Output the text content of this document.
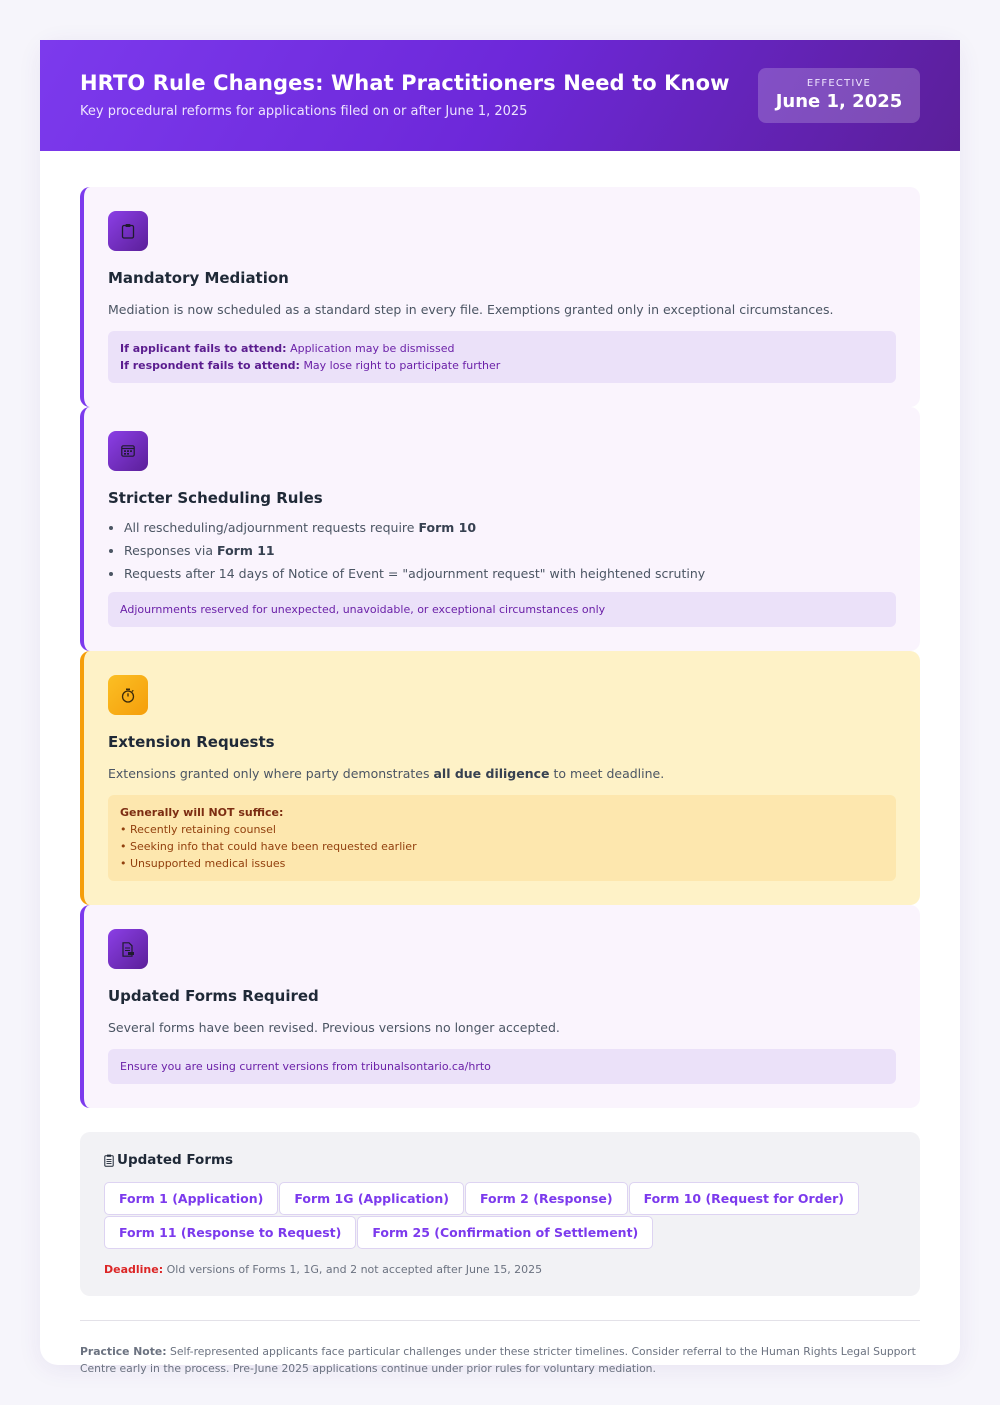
HRTO Rule Changes: What Practitioners Need to Know
Key procedural reforms for applications filed on or after June 1, 2025
EFFECTIVE
June 1, 2025
Mandatory Mediation
Mediation is now scheduled as a standard step in every file. Exemptions granted only in exceptional circumstances.
If applicant fails to attend: Application may be dismissed
If respondent fails to attend: May lose right to participate further
Stricter Scheduling Rules
All rescheduling/adjournment requests require Form 10
Responses via Form 11
Requests after 14 days of Notice of Event = "adjournment request" with heightened scrutiny
Adjournments reserved for unexpected, unavoidable, or exceptional circumstances only
Extension Requests
Extensions granted only where party demonstrates all due diligence to meet deadline.
Generally will NOT suffice:
• Recently retaining counsel
• Seeking info that could have been requested earlier
• Unsupported medical issues
Updated Forms Required
Several forms have been revised. Previous versions no longer accepted.
Ensure you are using current versions from tribunalsontario.ca/hrto
Updated Forms
Form 1 (Application)	Form 1G (Application)	Form 2 (Response)	Form 10 (Request for Order)
Form 11 (Response to Request)	Form 25 (Confirmation of Settlement)
Deadline: Old versions of Forms 1, 1G, and 2 not accepted after June 15, 2025
Practice Note: Self-represented applicants face particular challenges under these stricter timelines. Consider referral to the Human Rights Legal Support Centre early in the process. Pre-June 2025 applications continue under prior rules for voluntary mediation.
